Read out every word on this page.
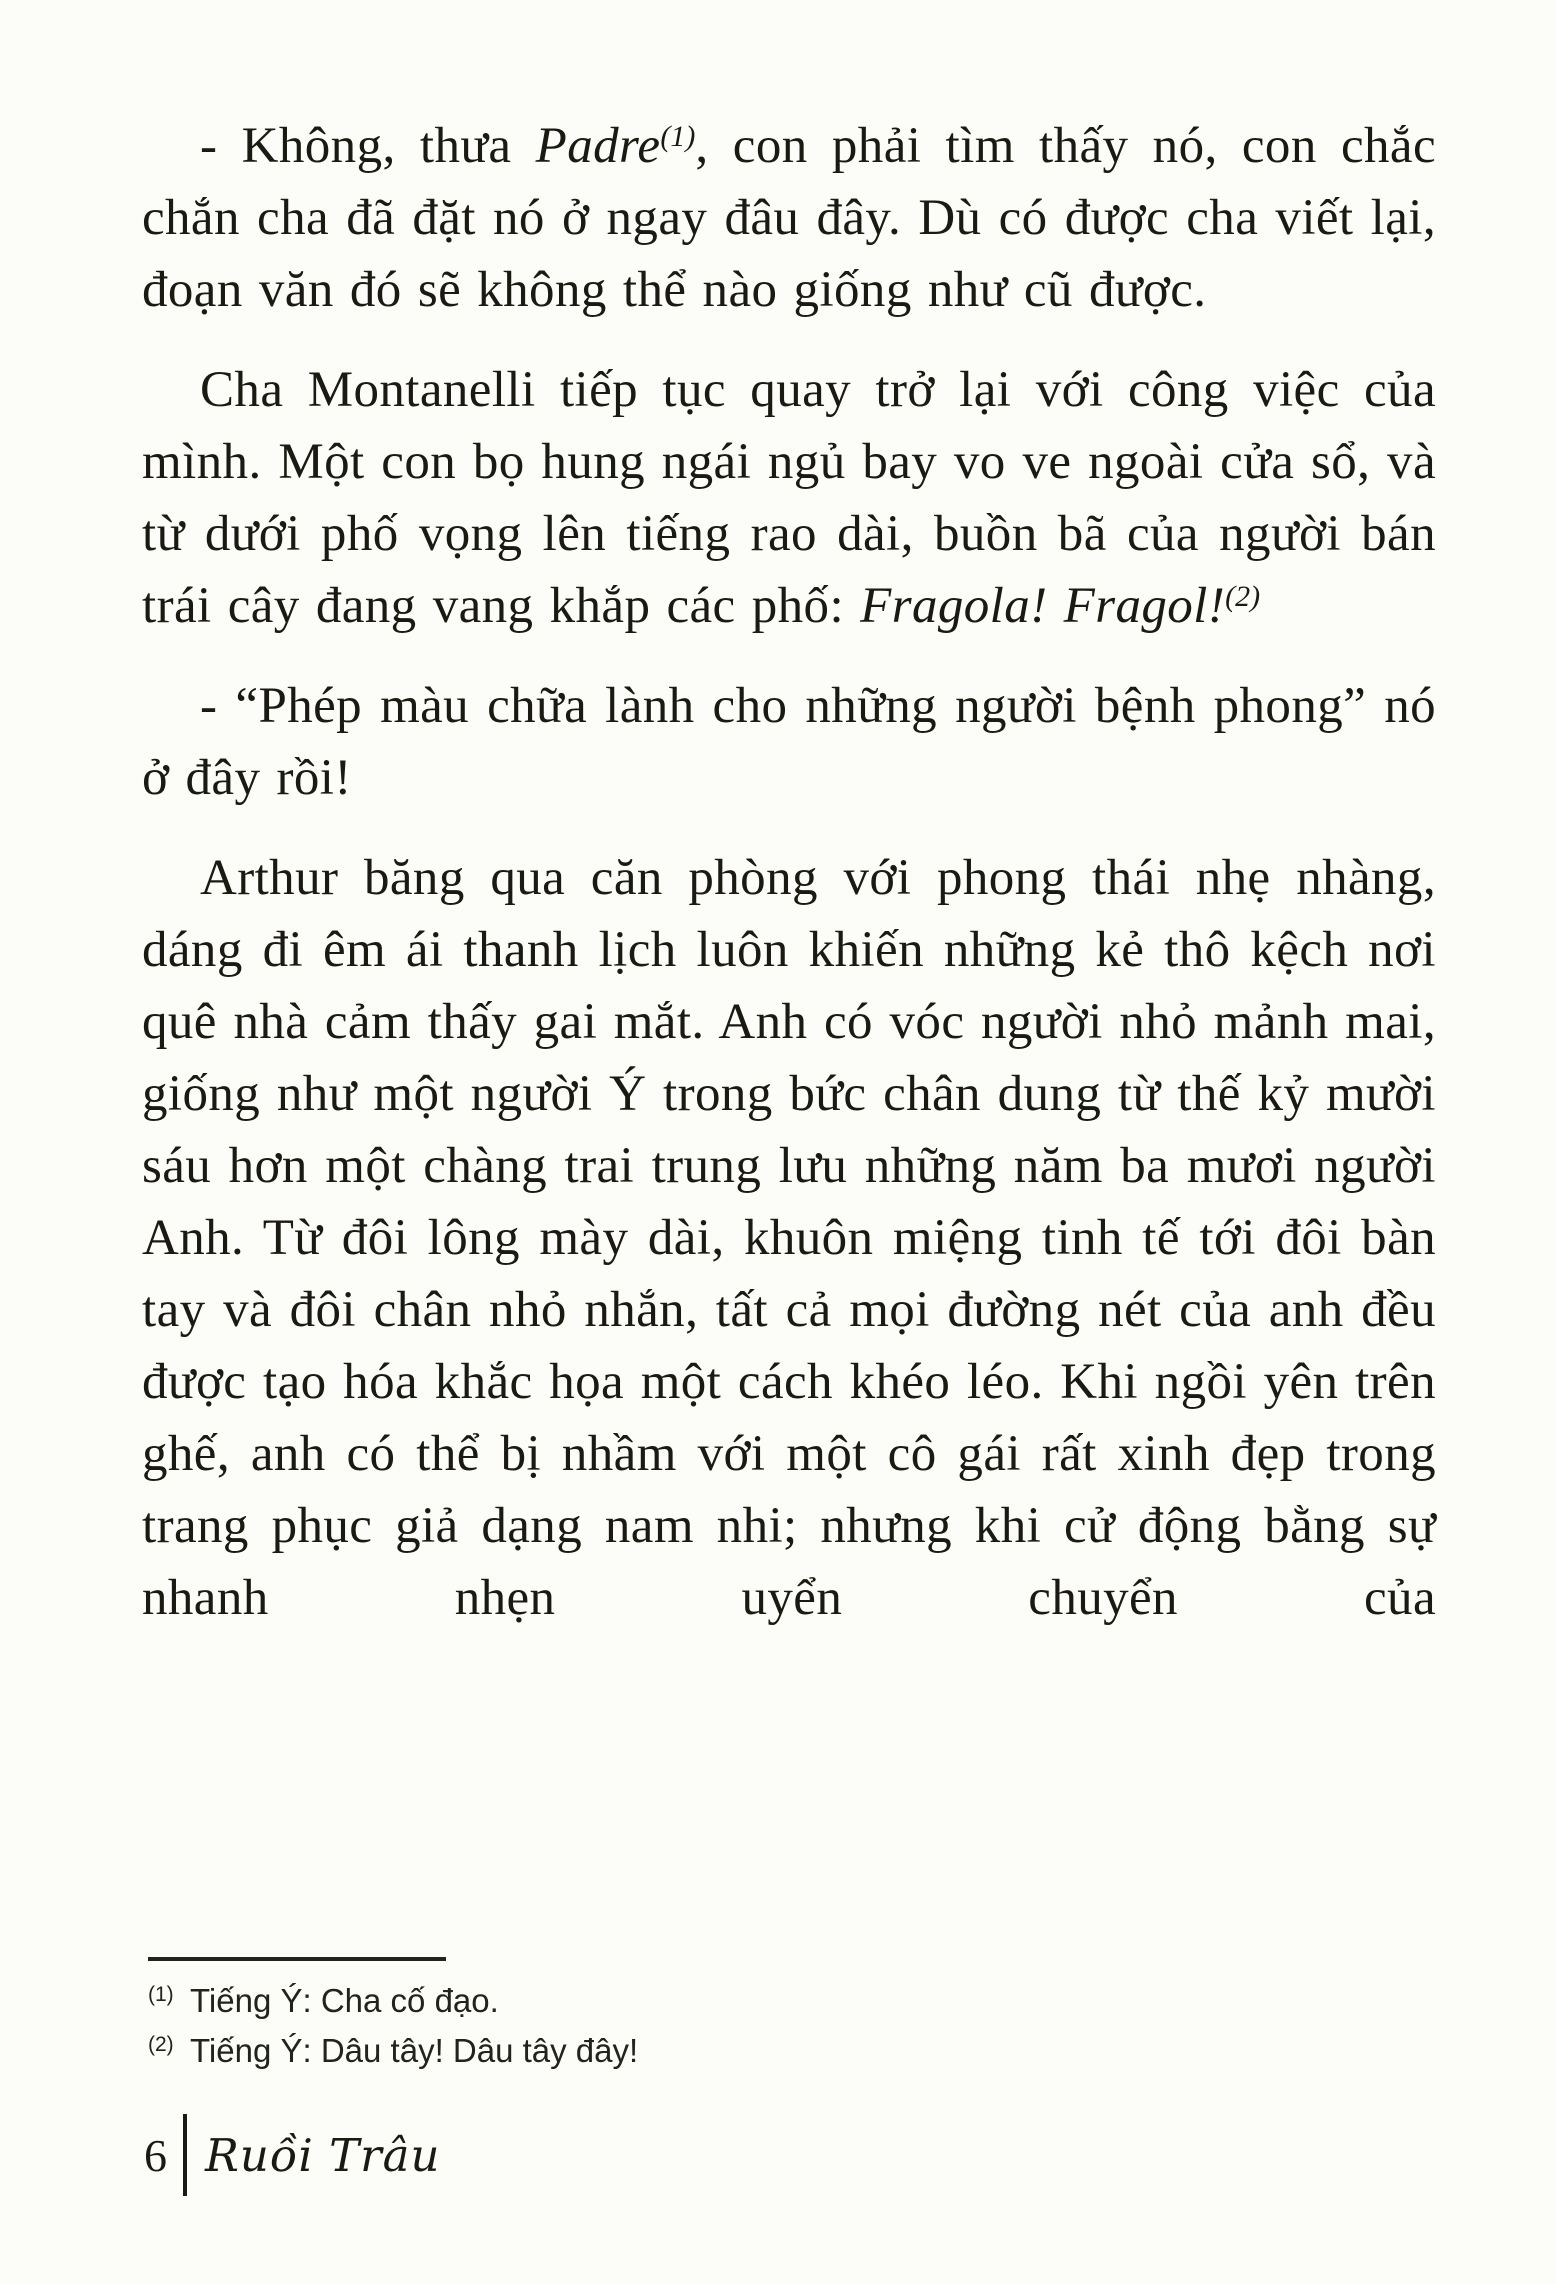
- Không, thưa Padre$^{(1)}$, con phải tìm thấy nó, con chắc chắn cha đã đặt nó ở ngay đâu đây. Dù có được cha viết lại, đoạn văn đó sẽ không thể nào giống như cũ được.

Cha Montanelli tiếp tục quay trở lại với công việc của mình. Một con bọ hung ngái ngủ bay vo ve ngoài cửa sổ, và từ dưới phố vọng lên tiếng rao dài, buồn bã của người bán trái cây đang vang khắp các phố: Fragola! Fragol!$^{(2)}$

- “Phép màu chữa lành cho những người bệnh phong” nó ở đây rồi!

Arthur băng qua căn phòng với phong thái nhẹ nhàng, dáng đi êm ái thanh lịch luôn khiến những kẻ thô kệch nơi quê nhà cảm thấy gai mắt. Anh có vóc người nhỏ mảnh mai, giống như một người Ý trong bức chân dung từ thế kỷ mười sáu hơn một chàng trai trung lưu những năm ba mươi người Anh. Từ đôi lông mày dài, khuôn miệng tinh tế tới đôi bàn tay và đôi chân nhỏ nhắn, tất cả mọi đường nét của anh đều được tạo hóa khắc họa một cách khéo léo. Khi ngồi yên trên ghế, anh có thể bị nhầm với một cô gái rất xinh đẹp trong trang phục giả dạng nam nhi; nhưng khi cử động bằng sự nhanh nhẹn uyển chuyển của

(1) Tiếng Ý: Cha cố đạo.
(2) Tiếng Ý: Dâu tây! Dâu tây đây!
6 Ruồi Trâu
